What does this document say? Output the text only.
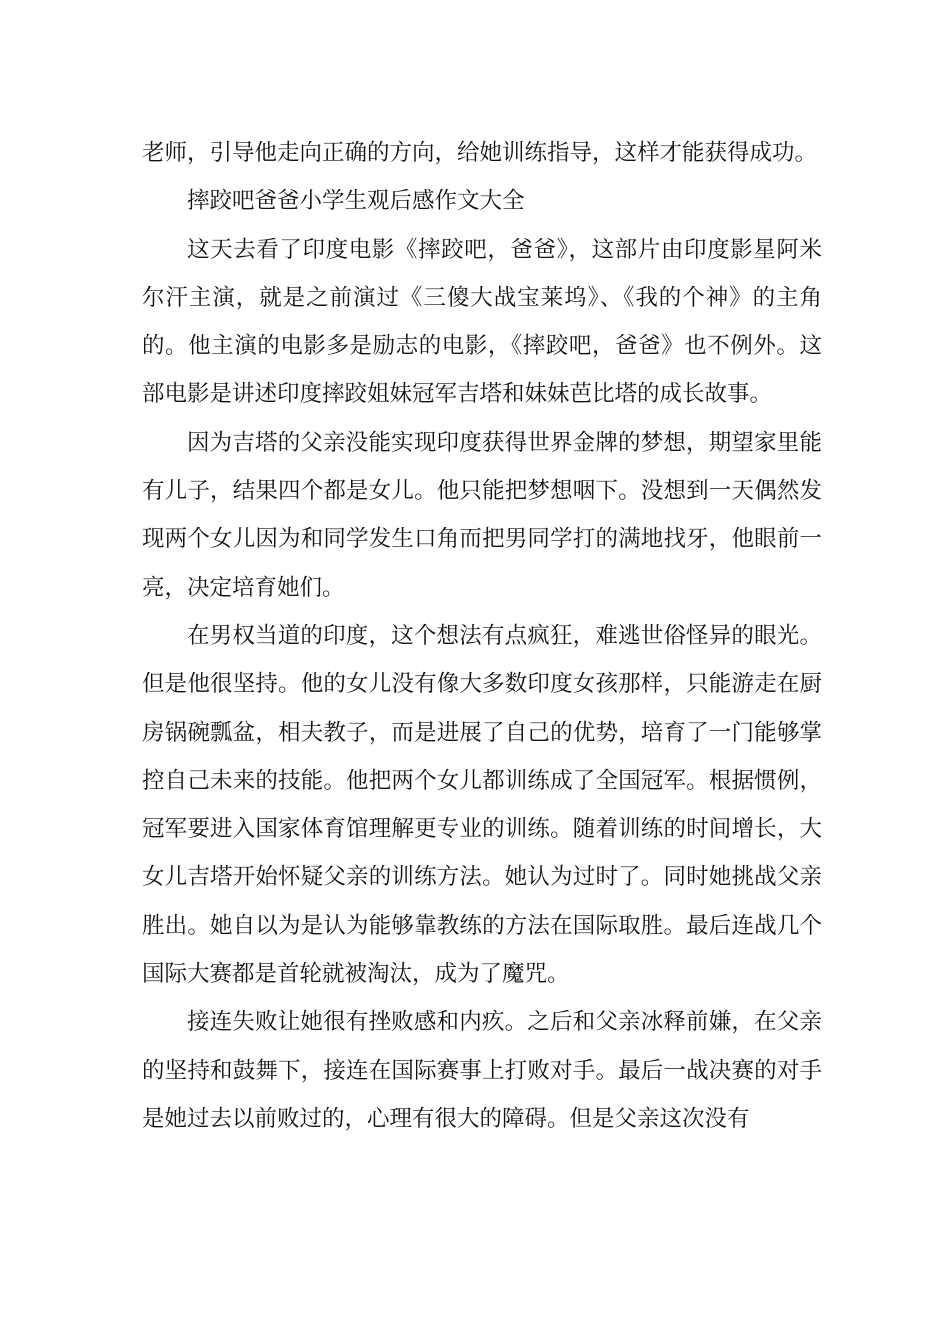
老师，引导他走向正确的方向，给她训练指导，这样才能获得成功。

摔跤吧爸爸小学生观后感作文大全

这天去看了印度电影《摔跤吧，爸爸》，这部片由印度影星阿米尔汗主演，就是之前演过《三傻大战宝莱坞》、《我的个神》的主角的。他主演的电影多是励志的电影，《摔跤吧，爸爸》也不例外。这部电影是讲述印度摔跤姐妹冠军吉塔和妹妹芭比塔的成长故事。

因为吉塔的父亲没能实现印度获得世界金牌的梦想，期望家里能有儿子，结果四个都是女儿。他只能把梦想咽下。没想到一天偶然发现两个女儿因为和同学发生口角而把男同学打的满地找牙，他眼前一亮，决定培育她们。

在男权当道的印度，这个想法有点疯狂，难逃世俗怪异的眼光。但是他很坚持。他的女儿没有像大多数印度女孩那样，只能游走在厨房锅碗瓢盆，相夫教子，而是进展了自己的优势，培育了一门能够掌控自己未来的技能。他把两个女儿都训练成了全国冠军。根据惯例，冠军要进入国家体育馆理解更专业的训练。随着训练的时间增长，大女儿吉塔开始怀疑父亲的训练方法。她认为过时了。同时她挑战父亲胜出。她自以为是认为能够靠教练的方法在国际取胜。最后连战几个国际大赛都是首轮就被淘汰，成为了魔咒。

接连失败让她很有挫败感和内疚。之后和父亲冰释前嫌，在父亲的坚持和鼓舞下，接连在国际赛事上打败对手。最后一战决赛的对手是她过去以前败过的，心理有很大的障碍。但是父亲这次没有
